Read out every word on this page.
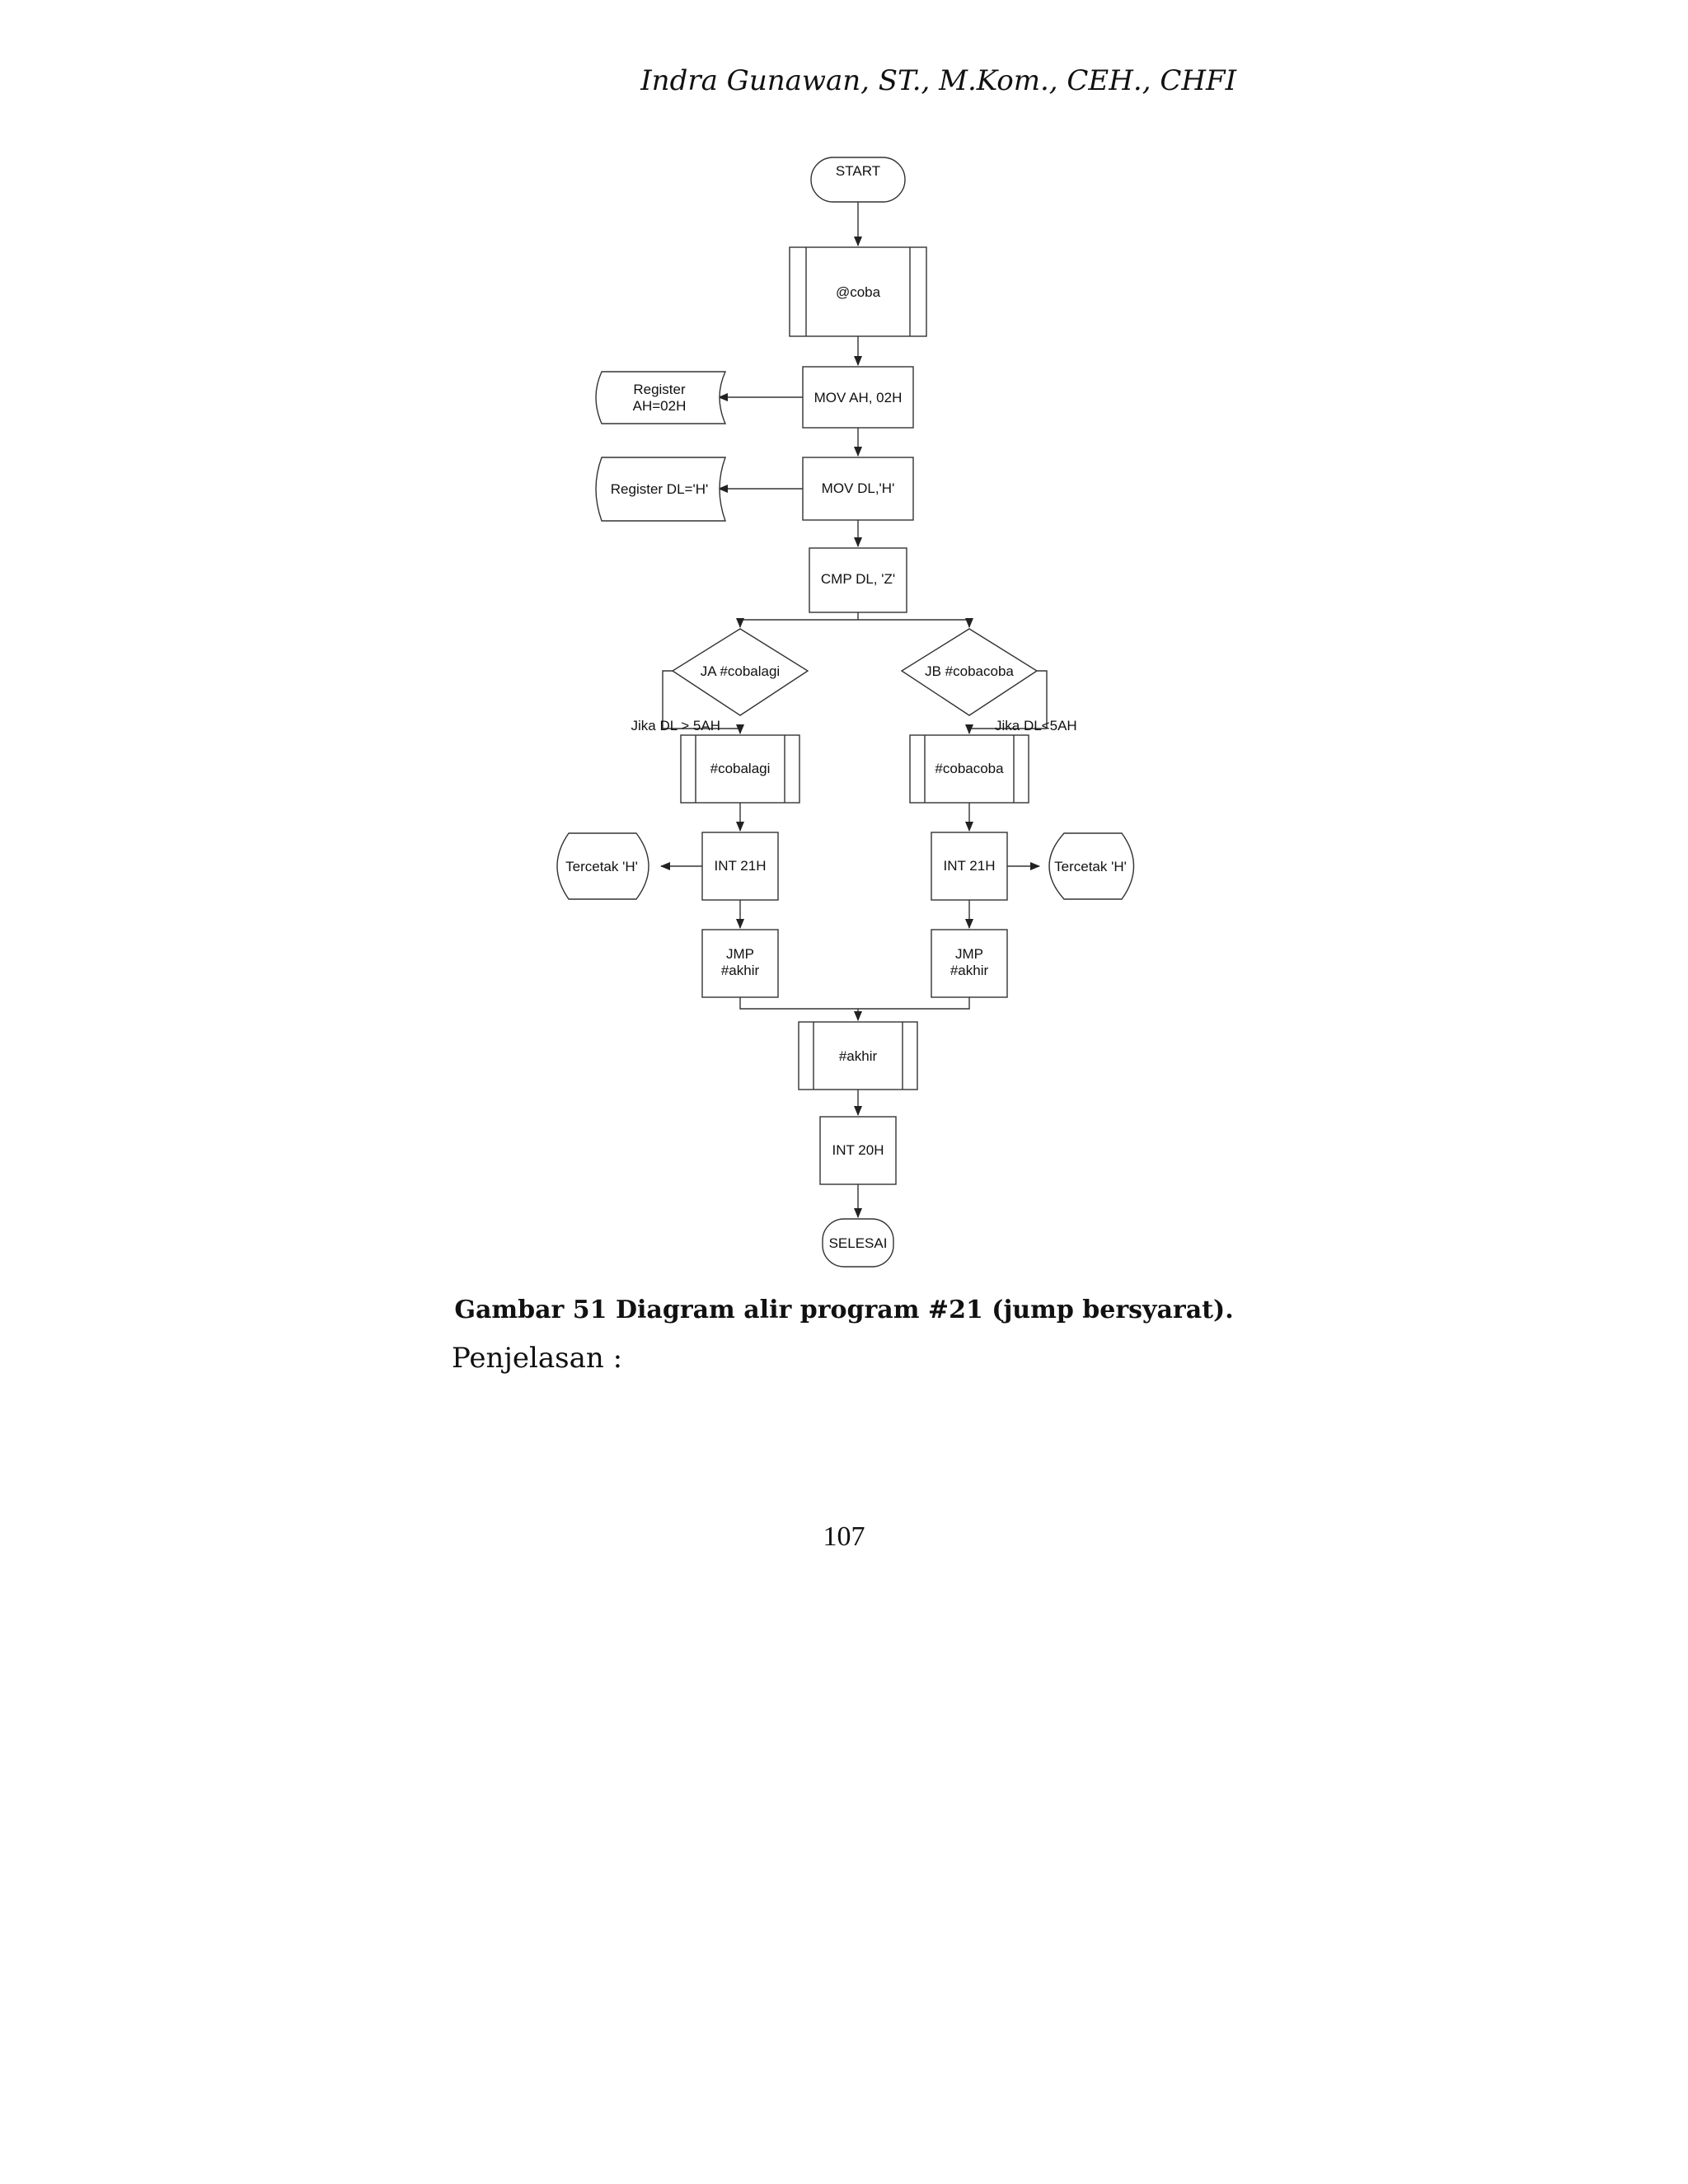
Indra Gunawan, ST., M.Kom., CEH., CHFI
START
@coba
MOV AH, 02H
Register
AH=02H
MOV DL,'H'
Register DL='H'
CMP DL, 'Z'
JA #cobalagi
Jika DL > 5AH
JB #cobacoba
Jika DL<5AH
#cobalagi	#cobacoba
INT 21H
Tercetak 'H'	INT 21H	Tercetak 'H'
JMP
#akhir
JMP
#akhir
#akhir
INT 20H
SELESAI
Gambar 51 Diagram alir program #21 (jump bersyarat).
Penjelasan :
107
